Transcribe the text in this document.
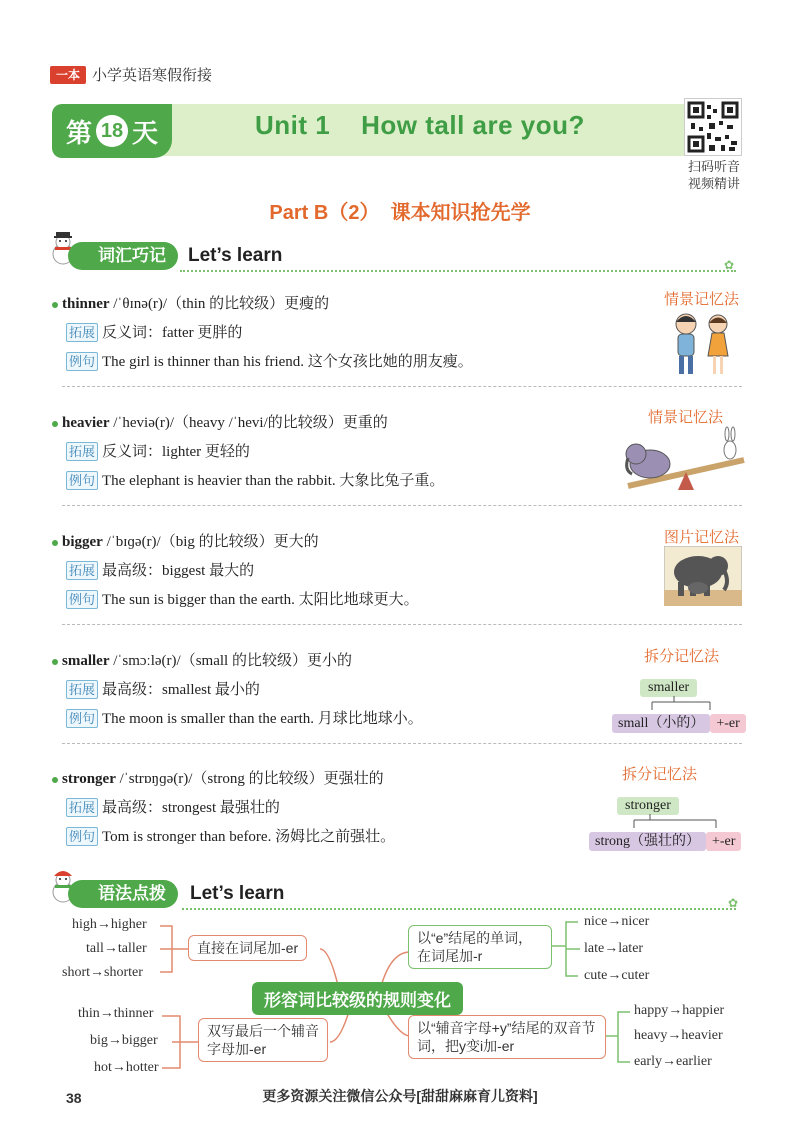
一本 小学英语寒假衔接
第 18 天	Unit 1    How tall are you?
扫码听音
视频精讲
Part B（2）  课本知识抢先学
词汇巧记	Let’s learn	✿
thinner /ˈθɪnə(r)/（thin 的比较级）更瘦的
拓展 反义词：fatter 更胖的
例句 The girl is thinner than his friend. 这个女孩比她的朋友瘦。
情景记忆法
heavier /ˈheviə(r)/（heavy /ˈhevi/的比较级）更重的
拓展 反义词：lighter 更轻的
例句 The elephant is heavier than the rabbit. 大象比兔子重。
情景记忆法
bigger /ˈbɪɡə(r)/（big 的比较级）更大的
拓展 最高级：biggest 最大的
例句 The sun is bigger than the earth. 太阳比地球更大。
图片记忆法
smaller /ˈsmɔːlə(r)/（small 的比较级）更小的
拓展 最高级：smallest 最小的
例句 The moon is smaller than the earth. 月球比地球小。
拆分记忆法
smaller
small（小的） +-er
stronger /ˈstrɒŋɡə(r)/（strong 的比较级）更强壮的
拓展 最高级：strongest 最强壮的
例句 Tom is stronger than before. 汤姆比之前强壮。
拆分记忆法
stronger
strong（强壮的） +-er
语法点拨	Let’s learn	✿
high→higher
tall→taller
short→shorter
直接在词尾加-er
以“e”结尾的单词，在词尾加-r
nice→nicer
late→later
cute→cuter
形容词比较级的规则变化
thin→thinner
big→bigger
hot→hotter
双写最后一个辅音字母加-er
以“辅音字母+y”结尾的双音节词，把y变i加-er
happy→happier
heavy→heavier
early→earlier
38	更多资源关注微信公众号[甜甜麻麻育儿资料]
